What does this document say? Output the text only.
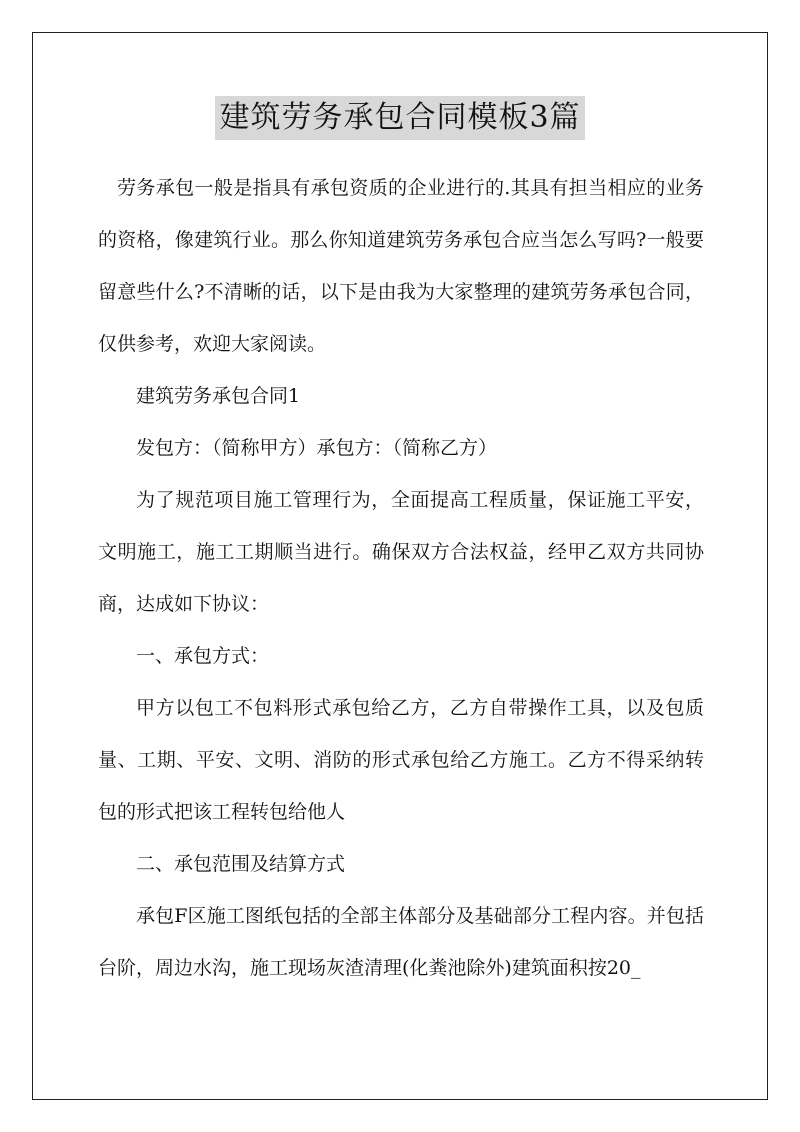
建筑劳务承包合同模板3篇

劳务承包一般是指具有承包资质的企业进行的.其具有担当相应的业务的资格，像建筑行业。那么你知道建筑劳务承包合应当怎么写吗?一般要留意些什么?不清晰的话，以下是由我为大家整理的建筑劳务承包合同，仅供参考，欢迎大家阅读。

建筑劳务承包合同1

发包方：（简称甲方）承包方：（简称乙方）

为了规范项目施工管理行为，全面提高工程质量，保证施工平安，文明施工，施工工期顺当进行。确保双方合法权益，经甲乙双方共同协商，达成如下协议：

一、承包方式：

甲方以包工不包料形式承包给乙方，乙方自带操作工具，以及包质量、工期、平安、文明、消防的形式承包给乙方施工。乙方不得采纳转包的形式把该工程转包给他人

二、承包范围及结算方式

承包F区施工图纸包括的全部主体部分及基础部分工程内容。并包括台阶，周边水沟，施工现场灰渣清理(化粪池除外)建筑面积按20_
